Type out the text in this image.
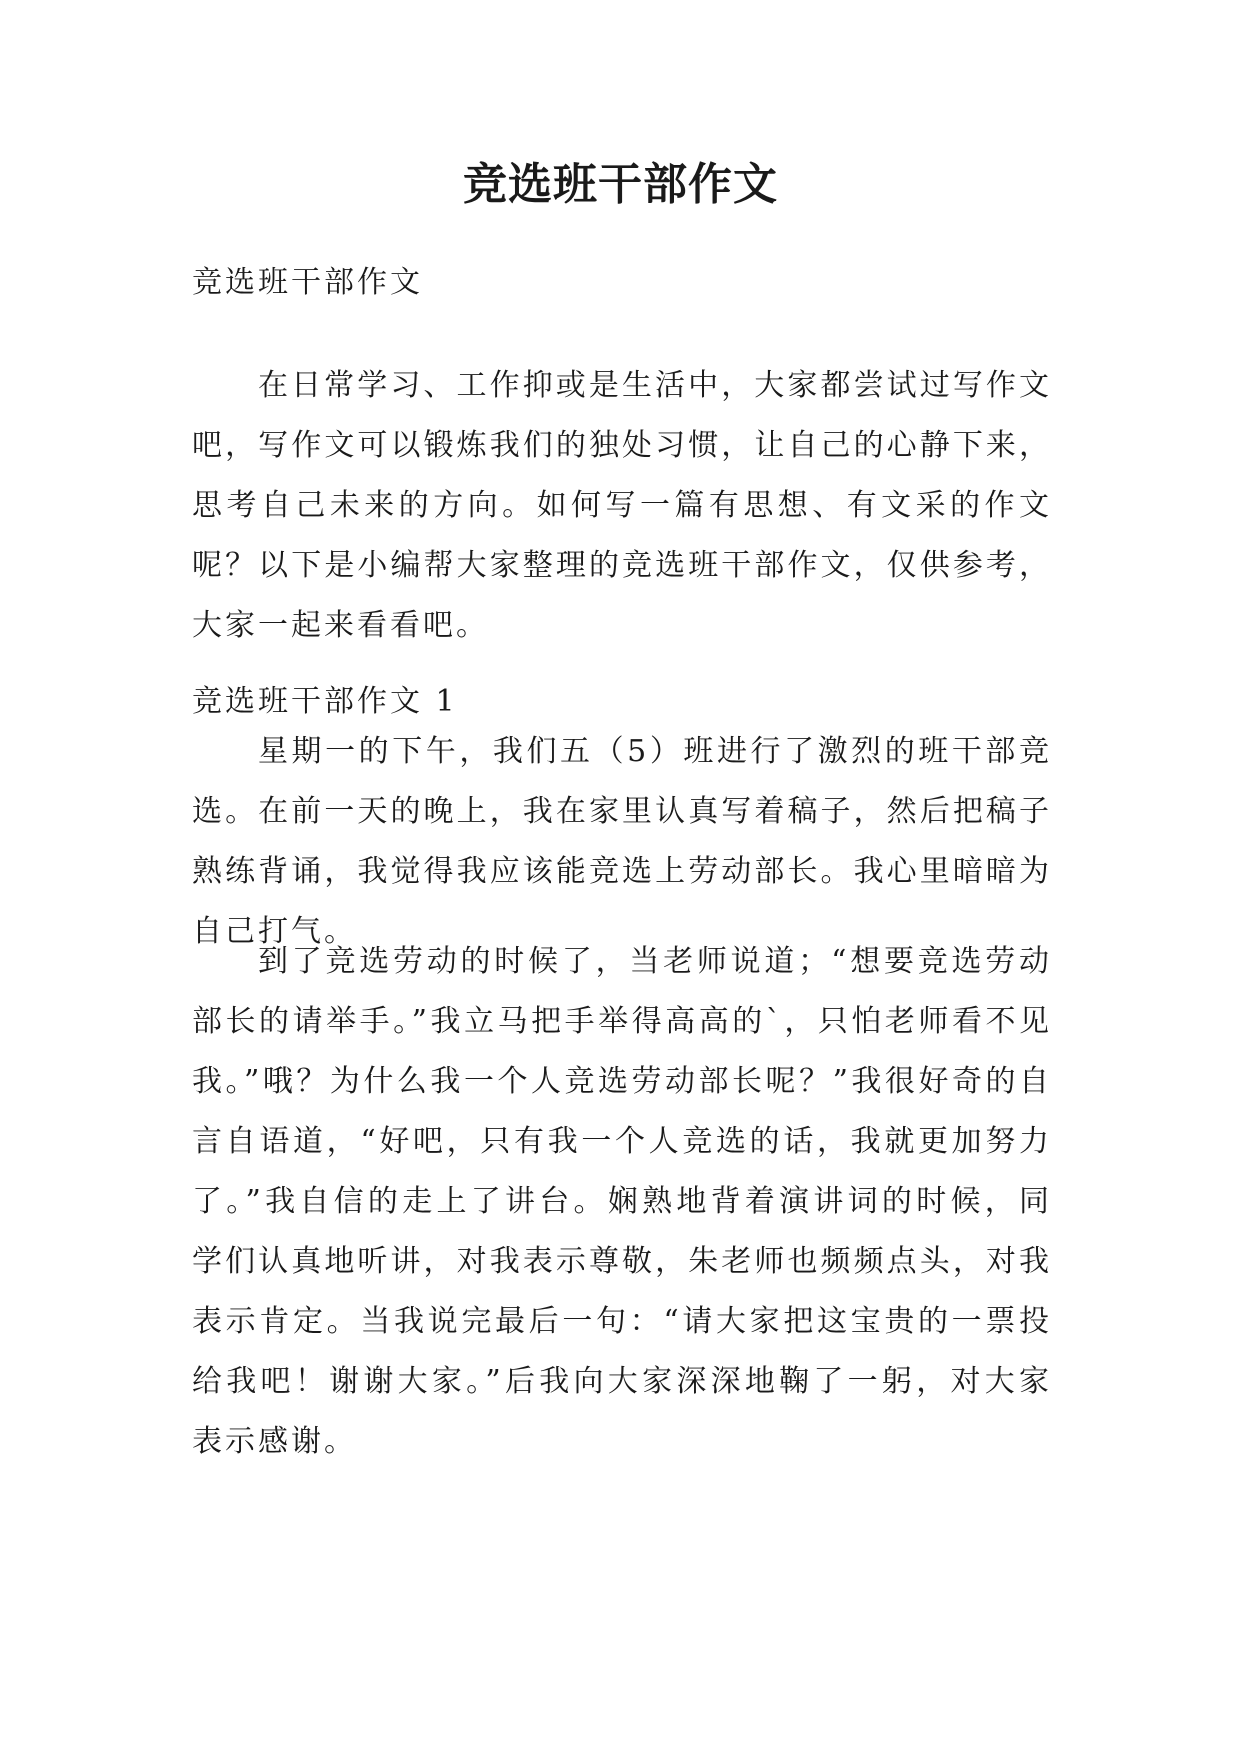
竞选班干部作文

竞选班干部作文

在日常学习、工作抑或是生活中，大家都尝试过写作文吧，写作文可以锻炼我们的独处习惯，让自己的心静下来，思考自己未来的方向。如何写一篇有思想、有文采的作文呢？以下是小编帮大家整理的竞选班干部作文，仅供参考，大家一起来看看吧。

竞选班干部作文 1

星期一的下午，我们五（5）班进行了激烈的班干部竞选。在前一天的晚上，我在家里认真写着稿子，然后把稿子熟练背诵，我觉得我应该能竞选上劳动部长。我心里暗暗为自己打气。

到了竞选劳动的时候了，当老师说道；“想要竞选劳动部长的请举手。”我立马把手举得高高的`，只怕老师看不见我。”哦？为什么我一个人竞选劳动部长呢？”我很好奇的自言自语道，“好吧，只有我一个人竞选的话，我就更加努力了。”我自信的走上了讲台。娴熟地背着演讲词的时候，同学们认真地听讲，对我表示尊敬，朱老师也频频点头，对我表示肯定。当我说完最后一句：“请大家把这宝贵的一票投给我吧！谢谢大家。”后我向大家深深地鞠了一躬，对大家表示感谢。
